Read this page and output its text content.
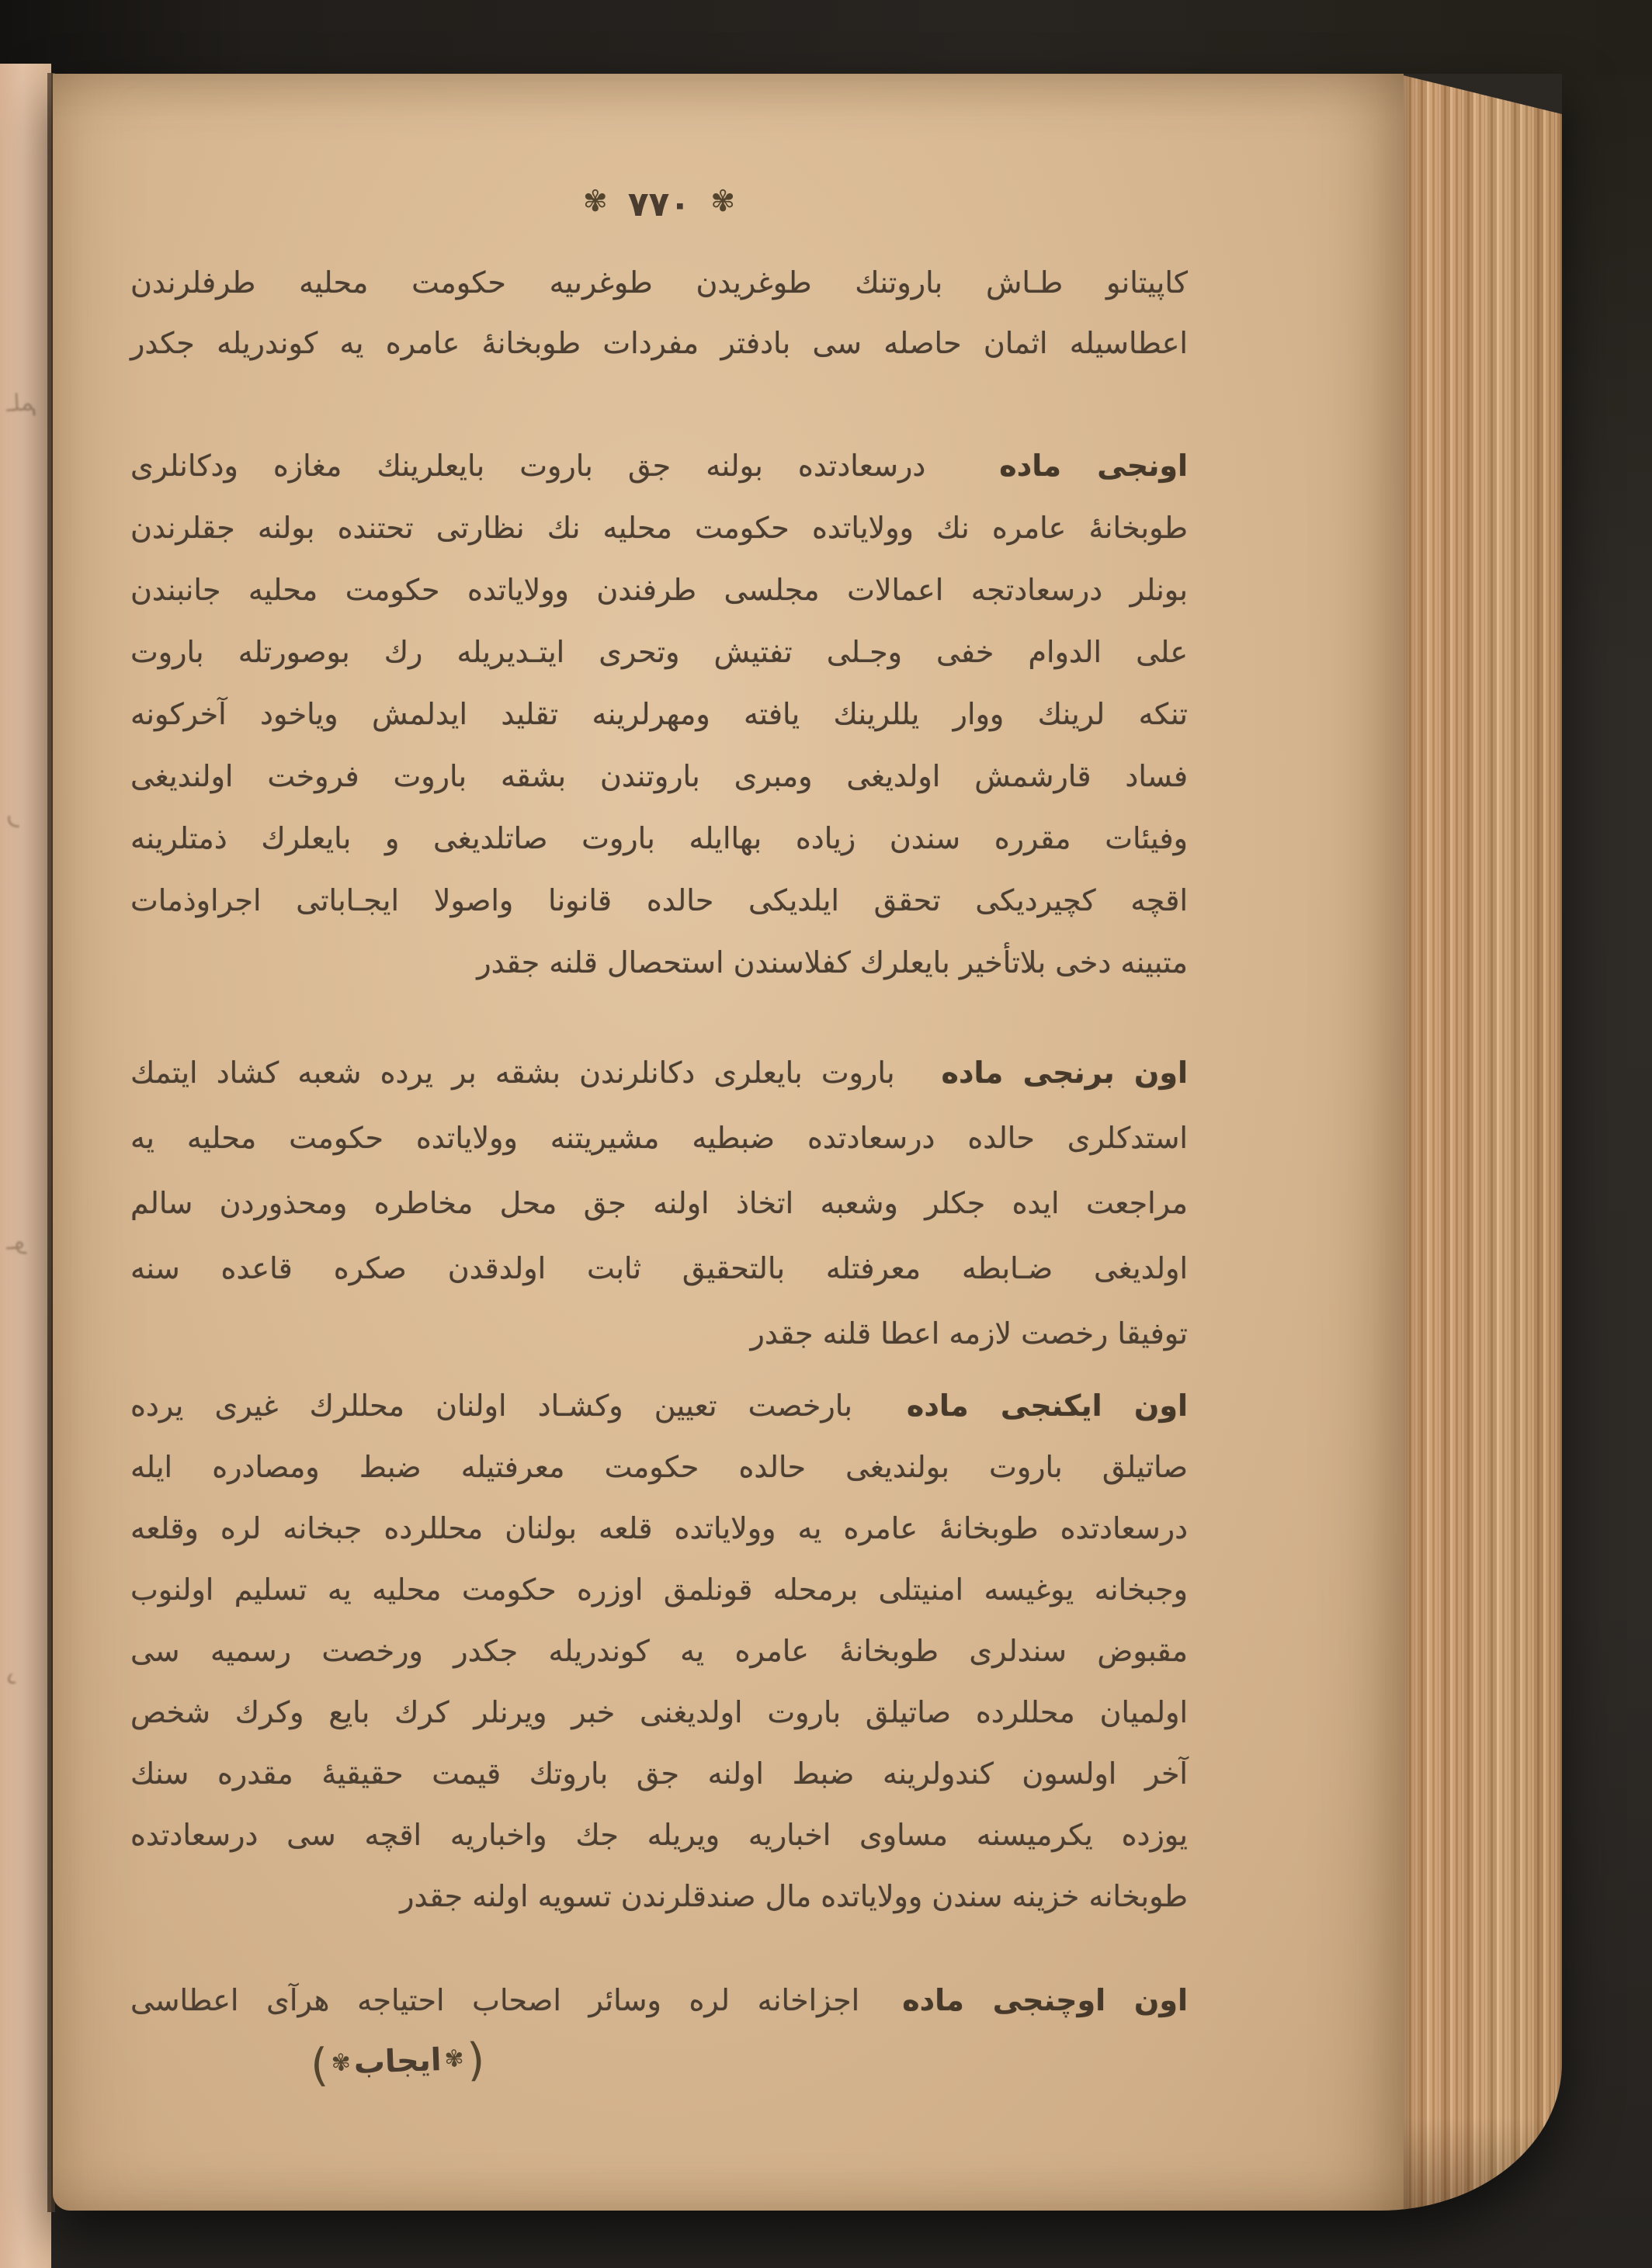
ـلم
ر
ـو
د
✾٧٧٠✾
كاپيتانو طـاش باروتنك طوغريدن طوغرىيه حكومت محليه طرفلرندن
اعطاسيله اثمان حاصله سى بادفتر مفردات طوبخانهٔ عامره يه كوندريله جكدر
اونجى مادهدرسعادتده بولنه جق باروت بايعلرينك مغازه ودكانلرى
طوبخانهٔ عامره نك وولاياتده حكومت محليه نك نظارتى تحتنده بولنه جقلرندن
بونلر درسعادتجه اعمالات مجلسى طرفندن وولاياتده حكومت محليه جانبندن
على الدوام خفى وجـلى تفتيش وتحرى ايتـديريله رك بوصورتله باروت
تنكه لرينك ووار يللرينك يافته ومهرلرينه تقليد ايدلمش وياخود آخركونه
فساد قارشمش اولديغى ومبرى باروتندن بشقه باروت فروخت اولنديغى
وفيئات مقرره سندن زياده بهاايله باروت صاتلديغى و بايعلرك ذمتلرينه
اقچه كچيرديكى تحقق ايلديكى حالده قانونا واصولا ايجـاباتى اجراوذمات
متبينه دخى بلاتأخير بايعلرك كفلاسندن استحصال قلنه جقدر
اون برنجى مادهباروت بايعلرى دكانلرندن بشقه بر يرده شعبه كشاد ايتمك
استدكلرى حالده درسعادتده ضبطيه مشيريتنه وولاياتده حكومت محليه يه
مراجعت ايده جكلر وشعبه اتخاذ اولنه جق محل مخاطره ومحذوردن سالم
اولديغى ضـابطه معرفتله بالتحقيق ثابت اولدقدن صكره قاعده سنه
توفيقا رخصت لازمه اعطا قلنه جقدر
اون ايكنجى مادهبارخصت تعيين وكشـاد اولنان محللرك غيرى يرده
صاتيلق باروت بولنديغى حالده حكومت معرفتيله ضبط ومصادره ايله
درسعادتده طوبخانهٔ عامره يه وولاياتده قلعه بولنان محللرده جبخانه لره وقلعه
وجبخانه يوغيسه امنيتلى برمحله قونلمق اوزره حكومت محليه يه تسليم اولنوب
مقبوض سندلرى طوبخانهٔ عامره يه كوندريله جكدر ورخصت رسميه سى
اولميان محللرده صاتيلق باروت اولديغنى خبر ويرنلر كرك بايع وكرك شخص
آخر اولسون كندولرينه ضبط اولنه جق باروتك قيمت حقيقيهٔ مقدره سنك
يوزده يكرميسنه مساوى اخباريه ويريله جك واخباريه اقچه سى درسعادتده
طوبخانه خزينه سندن وولاياتده مال صندقلرندن تسويه اولنه جقدر
اون اوچنجى مادهاجزاخانه لره وسائر اصحاب احتياجه هرآى اعطاسى
(✾ايجاب✾)
